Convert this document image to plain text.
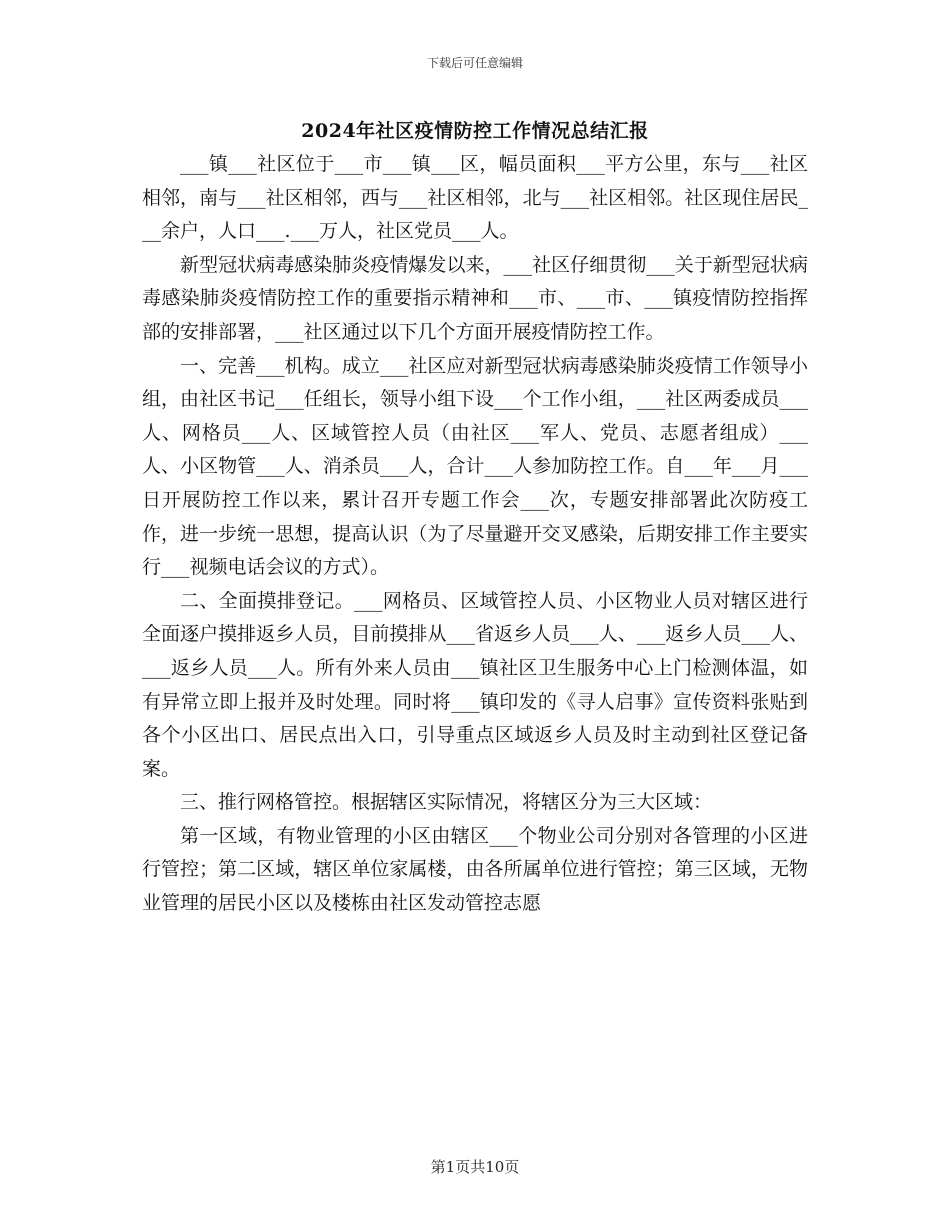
下载后可任意编辑
2024年社区疫情防控工作情况总结汇报

___镇___社区位于___市___镇___区，幅员面积___平方公里，东与___社区相邻，南与___社区相邻，西与___社区相邻，北与___社区相邻。社区现住居民___余户，人口___.___万人，社区党员___人。

新型冠状病毒感染肺炎疫情爆发以来，___社区仔细贯彻___关于新型冠状病毒感染肺炎疫情防控工作的重要指示精神和___市、___市、___镇疫情防控指挥部的安排部署，___社区通过以下几个方面开展疫情防控工作。

一、完善___机构。成立___社区应对新型冠状病毒感染肺炎疫情工作领导小组，由社区书记___任组长，领导小组下设___个工作小组，___社区两委成员___人、网格员___人、区域管控人员（由社区___军人、党员、志愿者组成）___人、小区物管___人、消杀员___人，合计___人参加防控工作。自___年___月___日开展防控工作以来，累计召开专题工作会___次，专题安排部署此次防疫工作，进一步统一思想，提高认识（为了尽量避开交叉感染，后期安排工作主要实行___视频电话会议的方式）。

二、全面摸排登记。___网格员、区域管控人员、小区物业人员对辖区进行全面逐户摸排返乡人员，目前摸排从___省返乡人员___人、___返乡人员___人、___返乡人员___人。所有外来人员由___镇社区卫生服务中心上门检测体温，如有异常立即上报并及时处理。同时将___镇印发的《寻人启事》宣传资料张贴到各个小区出口、居民点出入口，引导重点区域返乡人员及时主动到社区登记备案。

三、推行网格管控。根据辖区实际情况，将辖区分为三大区域：

第一区域，有物业管理的小区由辖区___个物业公司分别对各管理的小区进行管控；第二区域，辖区单位家属楼，由各所属单位进行管控；第三区域，无物业管理的居民小区以及楼栋由社区发动管控志愿

第1页共10页
